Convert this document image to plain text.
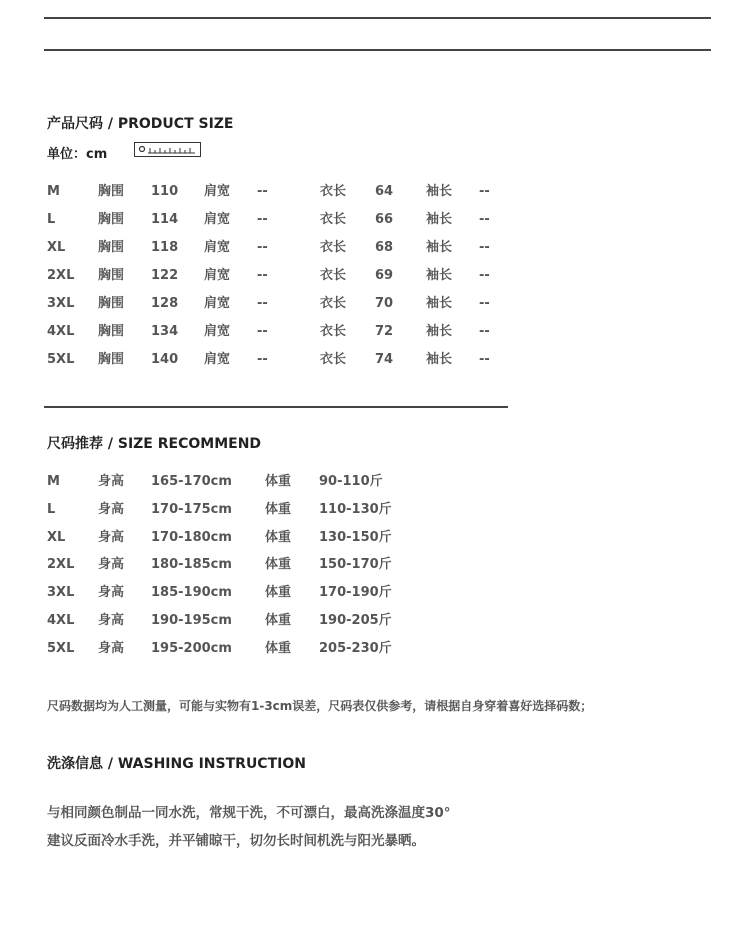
产品尺码 / PRODUCT SIZE
单位：cm
M	胸围 110 肩宽 --	衣长 64	袖长 --
L	胸围 114 肩宽 --	衣长 66	袖长 --
XL	胸围 118 肩宽 --	衣长 68	袖长 --
2XL 胸围 122 肩宽 --	衣长 69	袖长 --
3XL 胸围 128 肩宽 --	衣长 70	袖长 --
4XL 胸围 134 肩宽 --	衣长 72	袖长 --
5XL 胸围 140 肩宽 --	衣长 74	袖长 --
尺码推荐 / SIZE RECOMMEND
M	身高 165-170cm	体重 90-110斤
L	身高 170-175cm	体重 110-130斤
XL	身高 170-180cm	体重 130-150斤
2XL 身高 180-185cm	体重 150-170斤
3XL 身高 185-190cm	体重 170-190斤
4XL 身高 190-195cm	体重 190-205斤
5XL 身高 195-200cm	体重 205-230斤
尺码数据均为人工测量，可能与实物有1-3cm误差，尺码表仅供参考，请根据自身穿着喜好选择码数；
洗涤信息 / WASHING INSTRUCTION
与相同颜色制品一同水洗，常规干洗，不可漂白，最高洗涤温度30°
建议反面冷水手洗，并平铺晾干，切勿长时间机洗与阳光暴晒。
